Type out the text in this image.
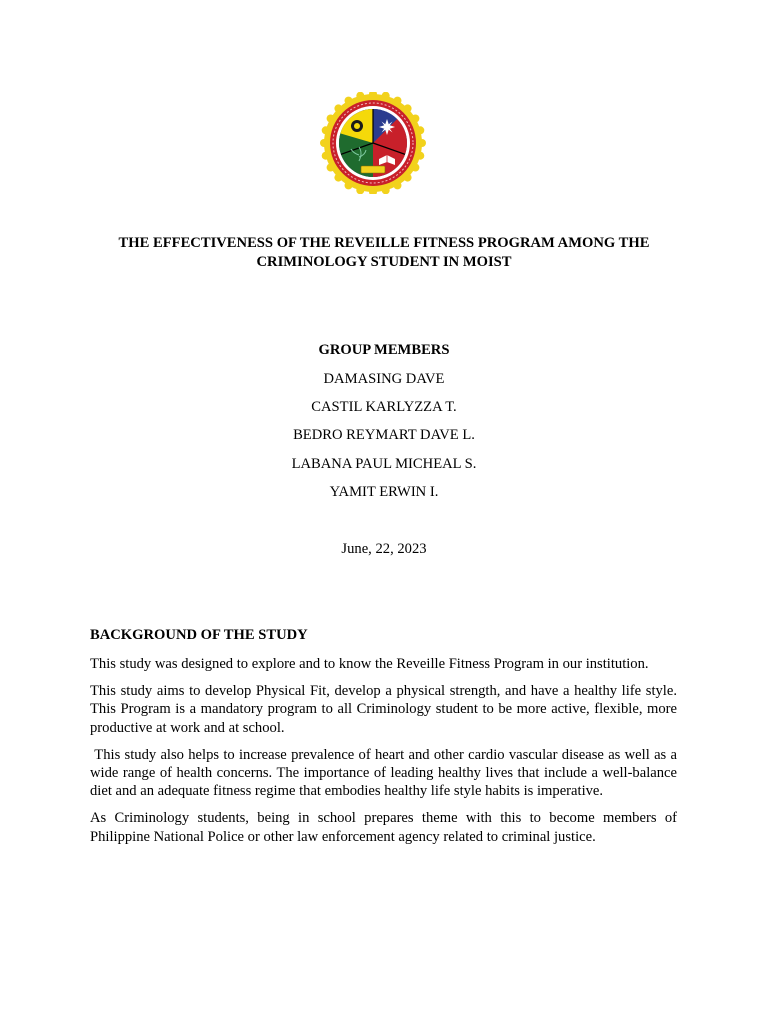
THE EFFECTIVENESS OF THE REVEILLE FITNESS PROGRAM AMONG THE CRIMINOLOGY STUDENT IN MOIST
GROUP MEMBERS
DAMASING DAVE
CASTIL KARLYZZA T.
BEDRO REYMART DAVE L.
LABANA PAUL MICHEAL S.
YAMIT ERWIN I.
June, 22, 2023
BACKGROUND OF THE STUDY

This study was designed to explore and to know the Reveille Fitness Program in our institution.

This study aims to develop Physical Fit, develop a physical strength, and have a healthy life style. This Program is a mandatory program to all Criminology student to be more active, flexible, more productive at work and at school.

This study also helps to increase prevalence of heart and other cardio vascular disease as well as a wide range of health concerns. The importance of leading healthy lives that include a well-balance diet and an adequate fitness regime that embodies healthy life style habits is imperative.

As Criminology students, being in school prepares theme with this to become members of Philippine National Police or other law enforcement agency related to criminal justice.
